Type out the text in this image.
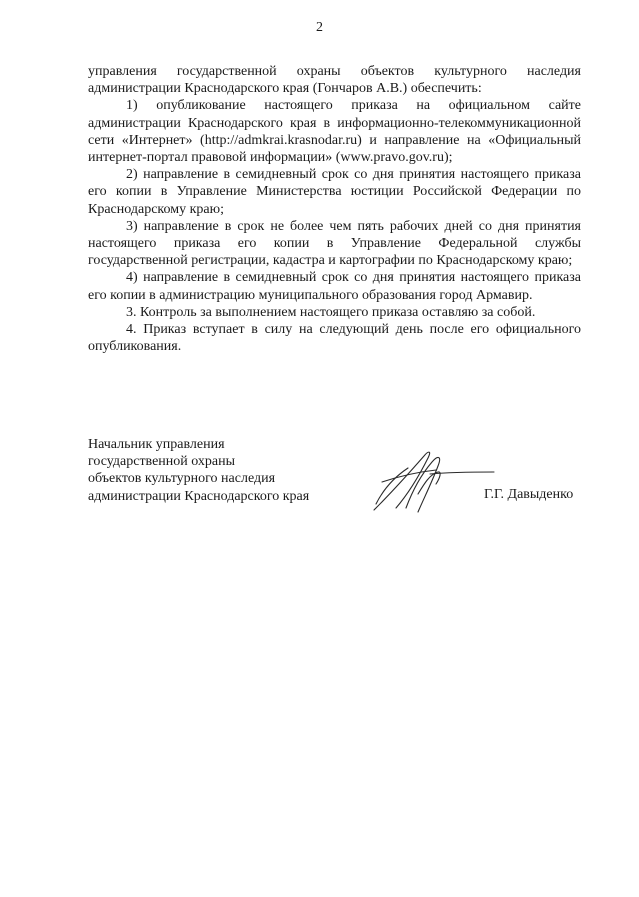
2

управления государственной охраны объектов культурного наследия администрации Краснодарского края (Гончаров А.В.) обеспечить:

1) опубликование настоящего приказа на официальном сайте администрации Краснодарского края в информационно-телекоммуникационной сети «Интернет» (http://admkrai.krasnodar.ru) и направление на «Официальный интернет-портал правовой информации» (www.pravo.gov.ru);

2) направление в семидневный срок со дня принятия настоящего приказа его копии в Управление Министерства юстиции Российской Федерации по Краснодарскому краю;

3) направление в срок не более чем пять рабочих дней со дня принятия настоящего приказа его копии в Управление Федеральной службы государственной регистрации, кадастра и картографии по Краснодарскому краю;

4) направление в семидневный срок со дня принятия настоящего приказа его копии в администрацию муниципального образования город Армавир.

3. Контроль за выполнением настоящего приказа оставляю за собой.

4. Приказ вступает в силу на следующий день после его официального опубликования.

Начальник управления
государственной охраны
объектов культурного наследия
администрации Краснодарского края	Г.Г. Давыденко
